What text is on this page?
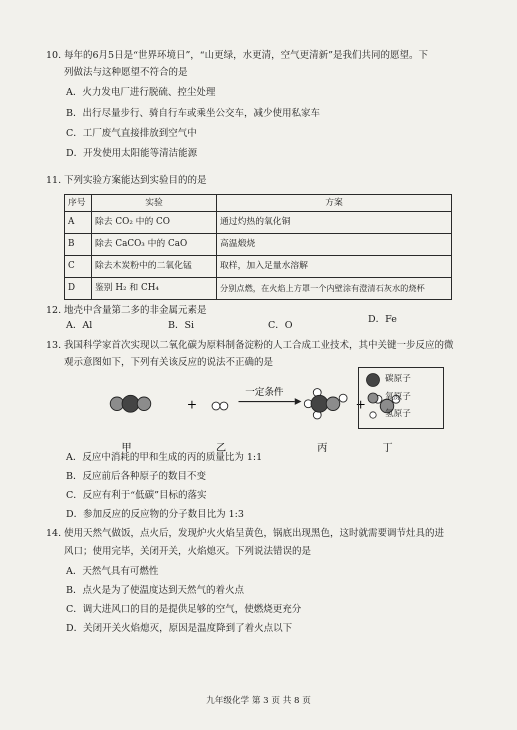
10. 每年的6月5日是“世界环境日”，“山更绿，水更清，空气更清新”是我们共同的愿望。下
列做法与这种愿望不符合的是
A．火力发电厂进行脱硫、控尘处理
B．出行尽量步行、骑自行车或乘坐公交车，减少使用私家车
C．工厂废气直接排放到空气中
D．开发使用太阳能等清洁能源
11. 下列实验方案能达到实验目的的是
序号	实验	方案
A	除去 CO₂ 中的 CO	通过灼热的氧化铜
B	除去 CaCO₃ 中的 CaO	高温煅烧
C	除去木炭粉中的二氧化锰	取样，加入足量水溶解
D	鉴别 H₂ 和 CH₄	分别点燃，在火焰上方罩一个内壁涂有澄清石灰水的烧杯
12. 地壳中含量第二多的非金属元素是
A．Al	B．Si	C．O
D．Fe
13. 我国科学家首次实现以二氧化碳为原料制备淀粉的人工合成工业技术，其中关键一步反应的微
观示意图如下，下列有关该反应的说法不正确的是
+
一定条件
+
甲	乙	丙	丁
碳原子
氧原子
氢原子
A．反应中消耗的甲和生成的丙的质量比为 1:1
B．反应前后各种原子的数目不变
C．反应有利于“低碳”目标的落实
D．参加反应的反应物的分子数目比为 1:3
14. 使用天然气做饭，点火后，发现炉火火焰呈黄色，锅底出现黑色，这时就需要调节灶具的进
风口；使用完毕，关闭开关，火焰熄灭。下列说法错误的是
A．天然气具有可燃性
B．点火是为了使温度达到天然气的着火点
C．调大进风口的目的是提供足够的空气，使燃烧更充分
D．关闭开关火焰熄灭，原因是温度降到了着火点以下
九年级化学 第 3 页 共 8 页
